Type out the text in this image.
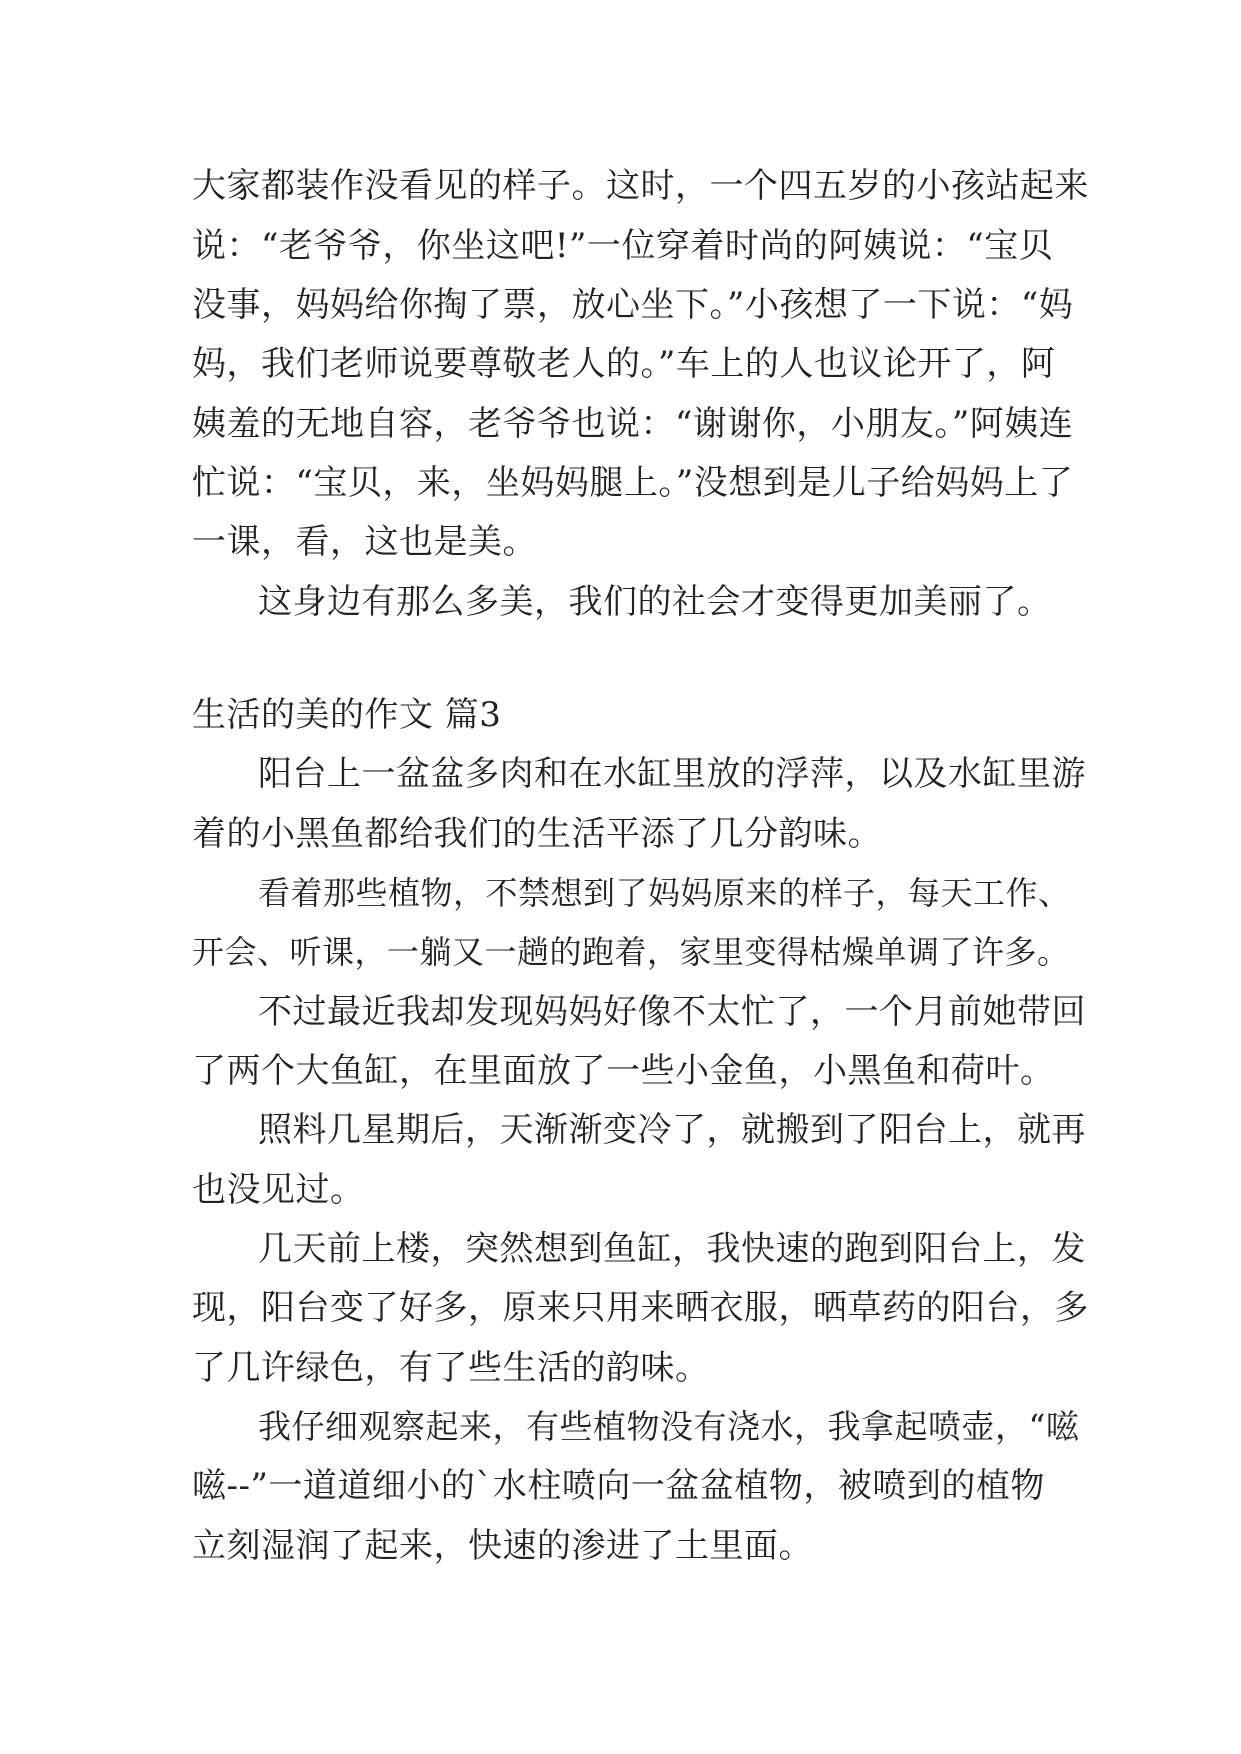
大家都装作没看见的样子。这时，一个四五岁的小孩站起来
说：“老爷爷，你坐这吧!”一位穿着时尚的阿姨说：“宝贝
没事，妈妈给你掏了票，放心坐下。”小孩想了一下说：“妈
妈，我们老师说要尊敬老人的。”车上的人也议论开了，阿
姨羞的无地自容，老爷爷也说：“谢谢你，小朋友。”阿姨连
忙说：“宝贝，来，坐妈妈腿上。”没想到是儿子给妈妈上了
一课，看，这也是美。
这身边有那么多美，我们的社会才变得更加美丽了。
生活的美的作文 篇3
阳台上一盆盆多肉和在水缸里放的浮萍，以及水缸里游
着的小黑鱼都给我们的生活平添了几分韵味。
看着那些植物，不禁想到了妈妈原来的样子，每天工作、
开会、听课，一躺又一趟的跑着，家里变得枯燥单调了许多。
不过最近我却发现妈妈好像不太忙了，一个月前她带回
了两个大鱼缸，在里面放了一些小金鱼，小黑鱼和荷叶。
照料几星期后，天渐渐变冷了，就搬到了阳台上，就再
也没见过。
几天前上楼，突然想到鱼缸，我快速的跑到阳台上，发
现，阳台变了好多，原来只用来晒衣服，晒草药的阳台，多
了几许绿色，有了些生活的韵味。
我仔细观察起来，有些植物没有浇水，我拿起喷壶，“嗞
嗞--”一道道细小的`水柱喷向一盆盆植物，被喷到的植物
立刻湿润了起来，快速的渗进了土里面。
